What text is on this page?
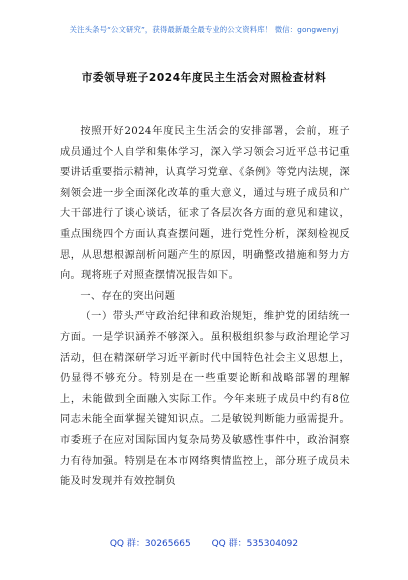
关注头条号“公文研究”，获得最新最全最专业的公文资料库！ 微信：gongwenyj
市委领导班子2024年度民主生活会对照检查材料

按照开好2024年度民主生活会的安排部署，会前，班子成员通过个人自学和集体学习，深入学习领会习近平总书记重要讲话重要指示精神，认真学习党章、《条例》等党内法规，深刻领会进一步全面深化改革的重大意义，通过与班子成员和广大干部进行了谈心谈话，征求了各层次各方面的意见和建议，重点围绕四个方面认真查摆问题，进行党性分析，深刻检视反思，从思想根源剖析问题产生的原因，明确整改措施和努力方向。现将班子对照查摆情况报告如下。

一、存在的突出问题

（一）带头严守政治纪律和政治规矩，维护党的团结统一方面。一是学识涵养不够深入。虽积极组织参与政治理论学习活动，但在精深研学习近平新时代中国特色社会主义思想上，仍显得不够充分。特别是在一些重要论断和战略部署的理解上，未能做到全面融入实际工作。今年来班子成员中约有8位同志未能全面掌握关键知识点。二是敏锐判断能力亟需提升。市委班子在应对国际国内复杂局势及敏感性事件中，政治洞察力有待加强。特别是在本市网络舆情监控上，部分班子成员未能及时发现并有效控制负

QQ 群：30265665 QQ 群：535304092
